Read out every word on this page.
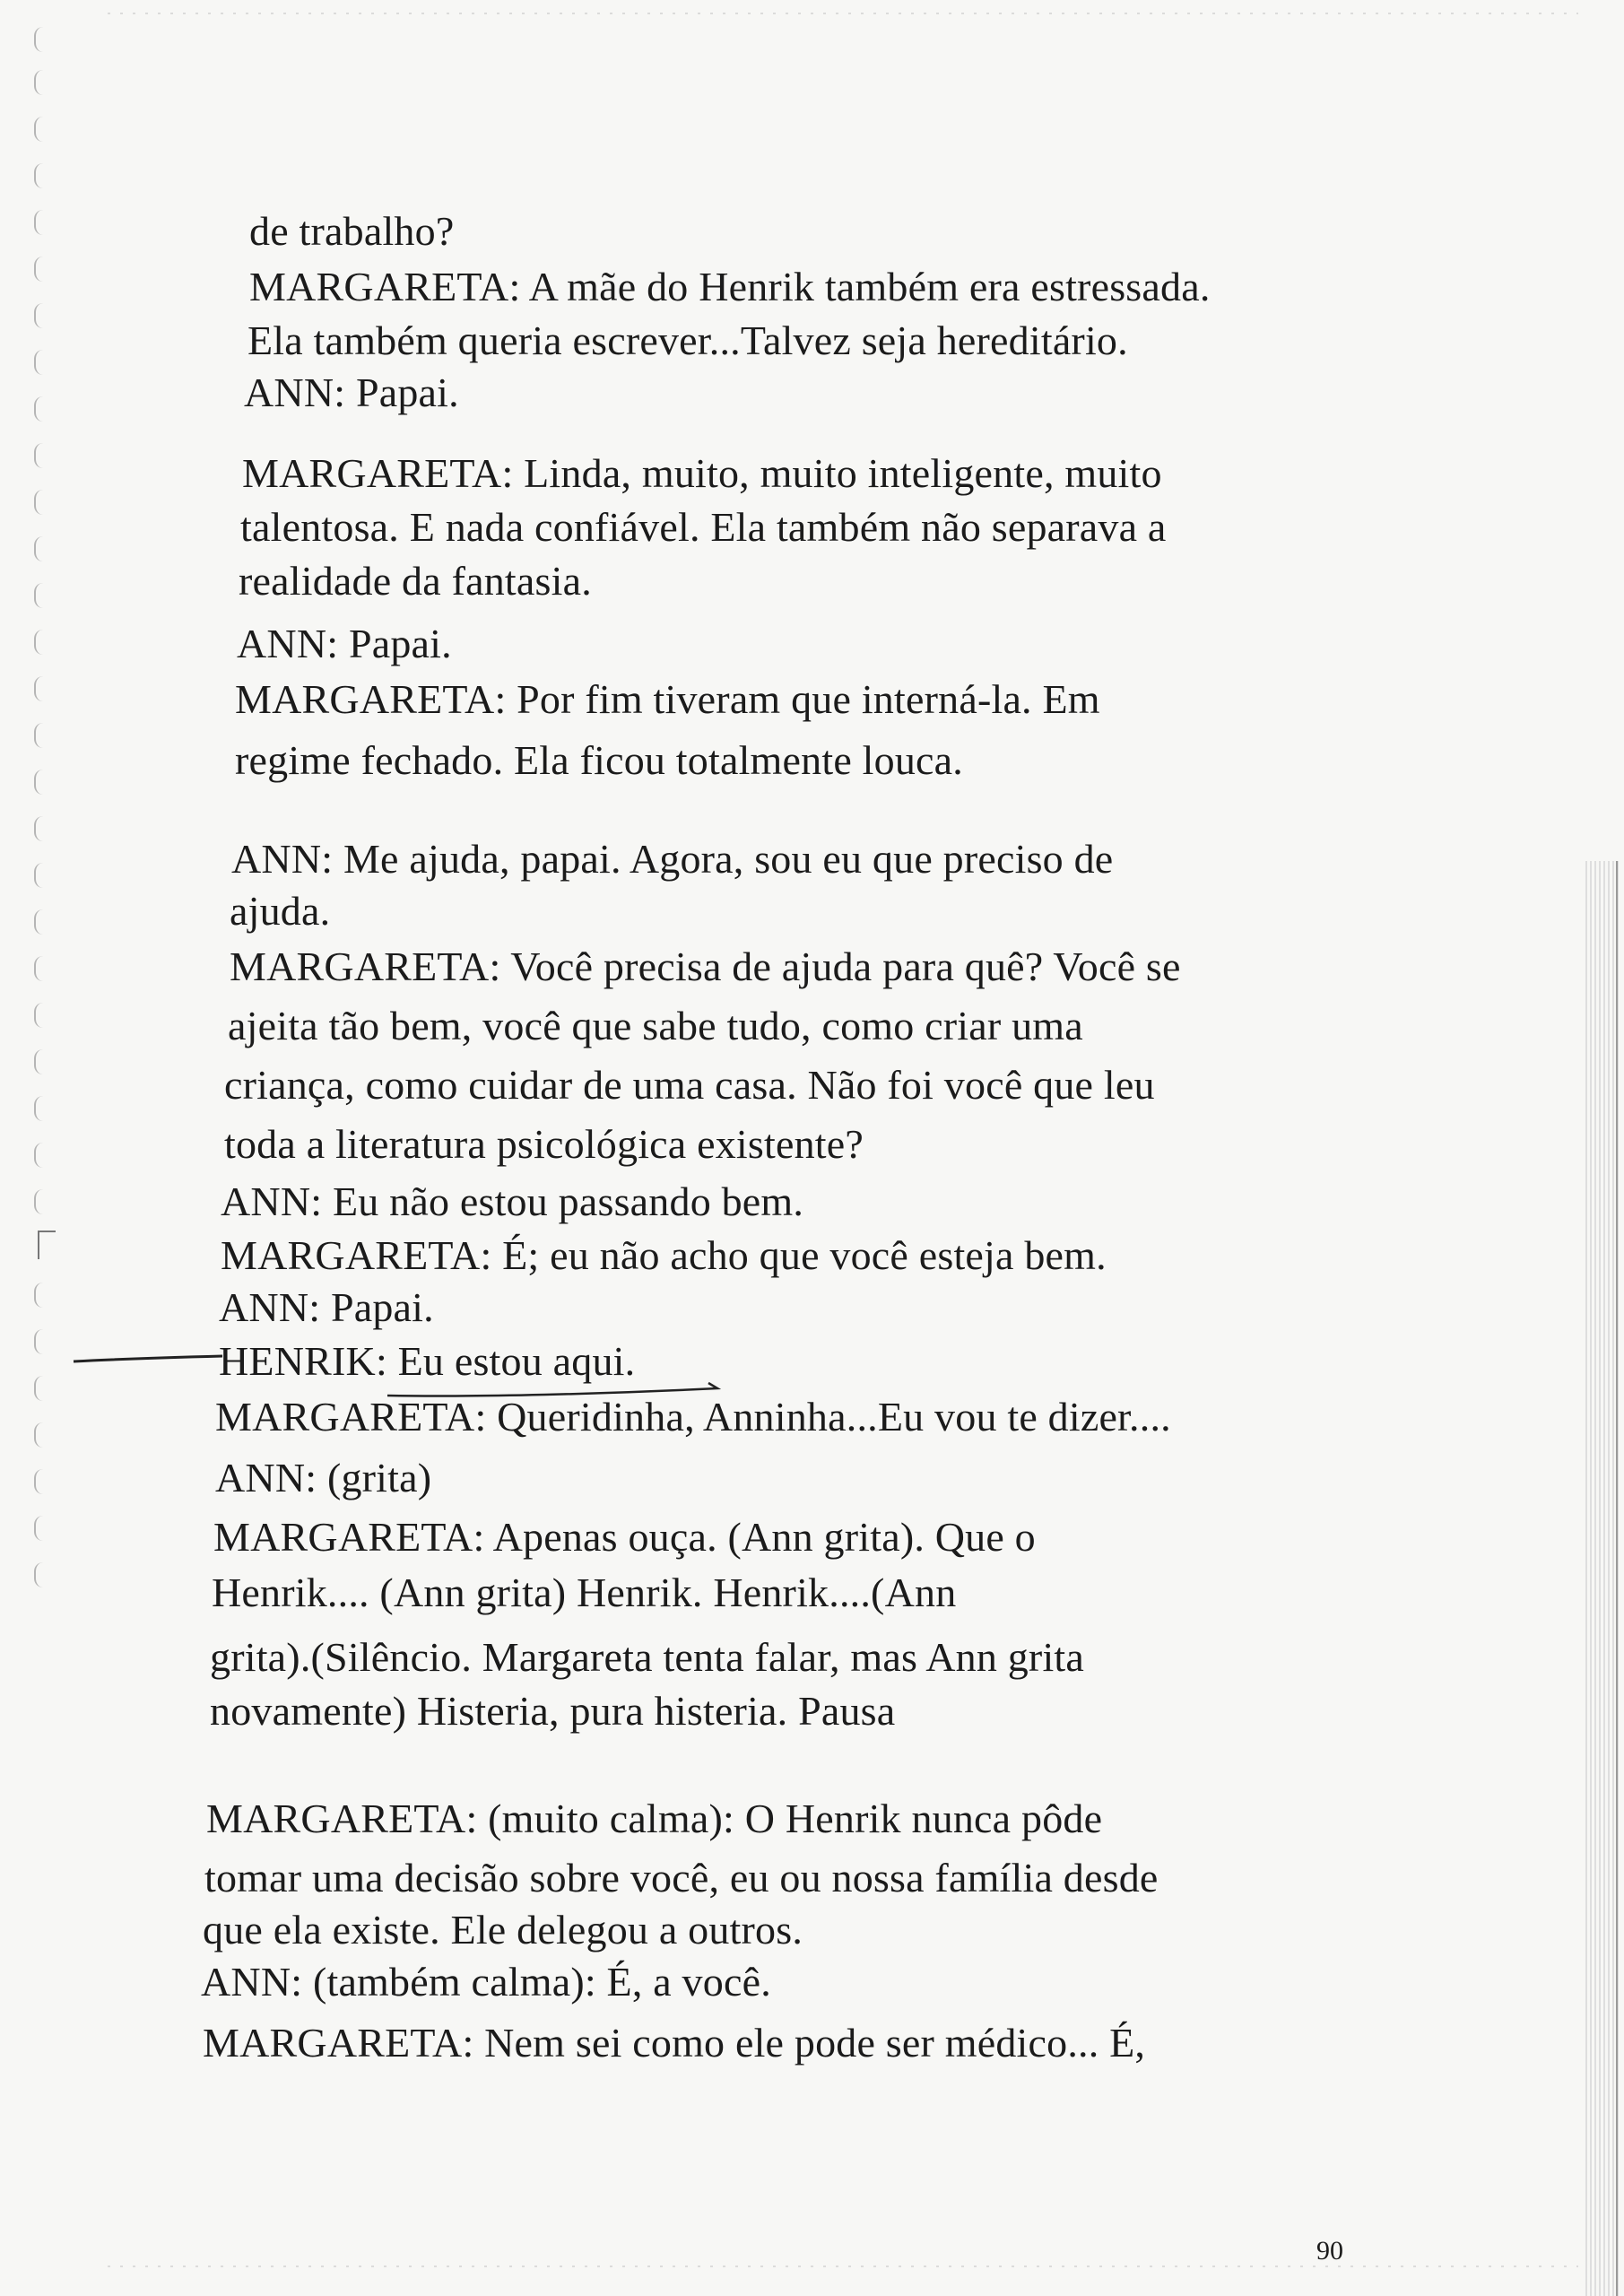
de trabalho?
MARGARETA: A mãe do Henrik também era estressada.
Ela também queria escrever...Talvez seja hereditário.
ANN: Papai.
MARGARETA: Linda, muito, muito inteligente, muito
talentosa. E nada confiável. Ela também não separava a
realidade da fantasia.
ANN: Papai.
MARGARETA: Por fim tiveram que interná-la. Em
regime fechado. Ela ficou totalmente louca.
ANN: Me ajuda, papai. Agora, sou eu que preciso de
ajuda.
MARGARETA: Você precisa de ajuda para quê? Você se
ajeita tão bem, você que sabe tudo, como criar uma
criança, como cuidar de uma casa. Não foi você que leu
toda a literatura psicológica existente?
ANN: Eu não estou passando bem.
MARGARETA: É; eu não acho que você esteja bem.
ANN: Papai.
HENRIK: Eu estou aqui.
MARGARETA: Queridinha, Anninha...Eu vou te dizer....
ANN: (grita)
MARGARETA: Apenas ouça. (Ann grita). Que o
Henrik.... (Ann grita) Henrik. Henrik....(Ann
grita).(Silêncio. Margareta tenta falar, mas Ann grita
novamente) Histeria, pura histeria. Pausa
MARGARETA: (muito calma): O Henrik nunca pôde
tomar uma decisão sobre você, eu ou nossa família desde
que ela existe. Ele delegou a outros.
ANN: (também calma): É, a você.
MARGARETA: Nem sei como ele pode ser médico... É,
90
